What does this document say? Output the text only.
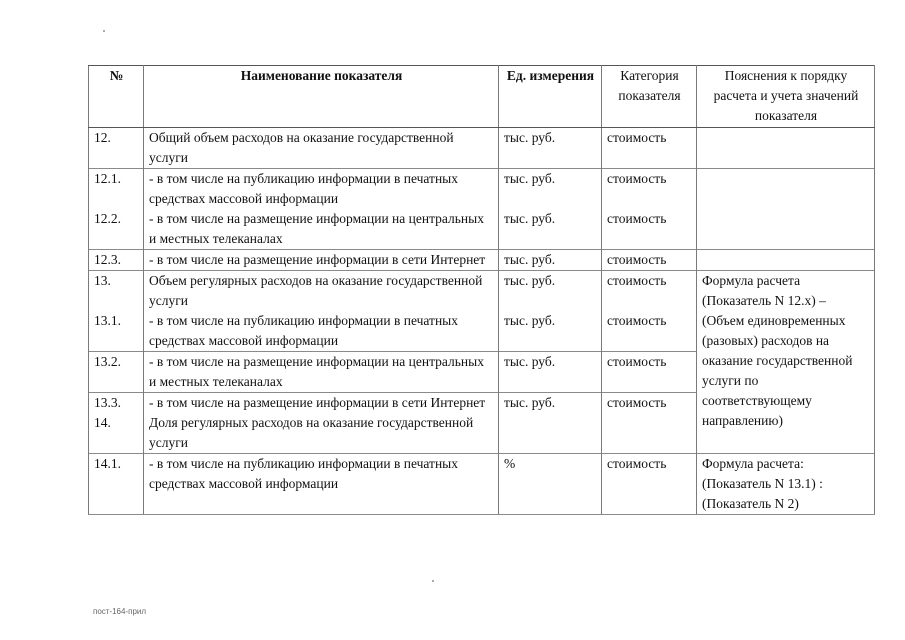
№	Наименование показателя	Ед. измерения	Категория показателя	Пояснения к порядку расчета и учета значений показателя
12.	Общий объем расходов на оказание государственной услуги	тыс. руб.	стоимость	
12.1.	- в том числе на публикацию информации в печатных средствах массовой информации	тыс. руб.	стоимость	
12.2.	- в том числе на размещение информации на центральных и местных телеканалах	тыс. руб.	стоимость	
12.3.	- в том числе на размещение информации в сети Интернет	тыс. руб.	стоимость	
13.	Объем регулярных расходов на оказание государственной услуги	тыс. руб.	стоимость	Формула расчета (Показатель N 12.x) – (Объем единовременных (разовых) расходов на оказание государственной услуги по соответствующему направлению)
13.1.	- в том числе на публикацию информации в печатных средствах массовой информации	тыс. руб.	стоимость	
13.2.	- в том числе на размещение информации на центральных и местных телеканалах	тыс. руб.	стоимость	
13.3.	- в том числе на размещение информации в сети Интернет	тыс. руб.	стоимость	
14.	Доля регулярных расходов на оказание государственной услуги			
14.1.	- в том числе на публикацию информации в печатных средствах массовой информации	%	стоимость	Формула расчета: (Показатель N 13.1) : (Показатель N 2)
пост-164-прил
